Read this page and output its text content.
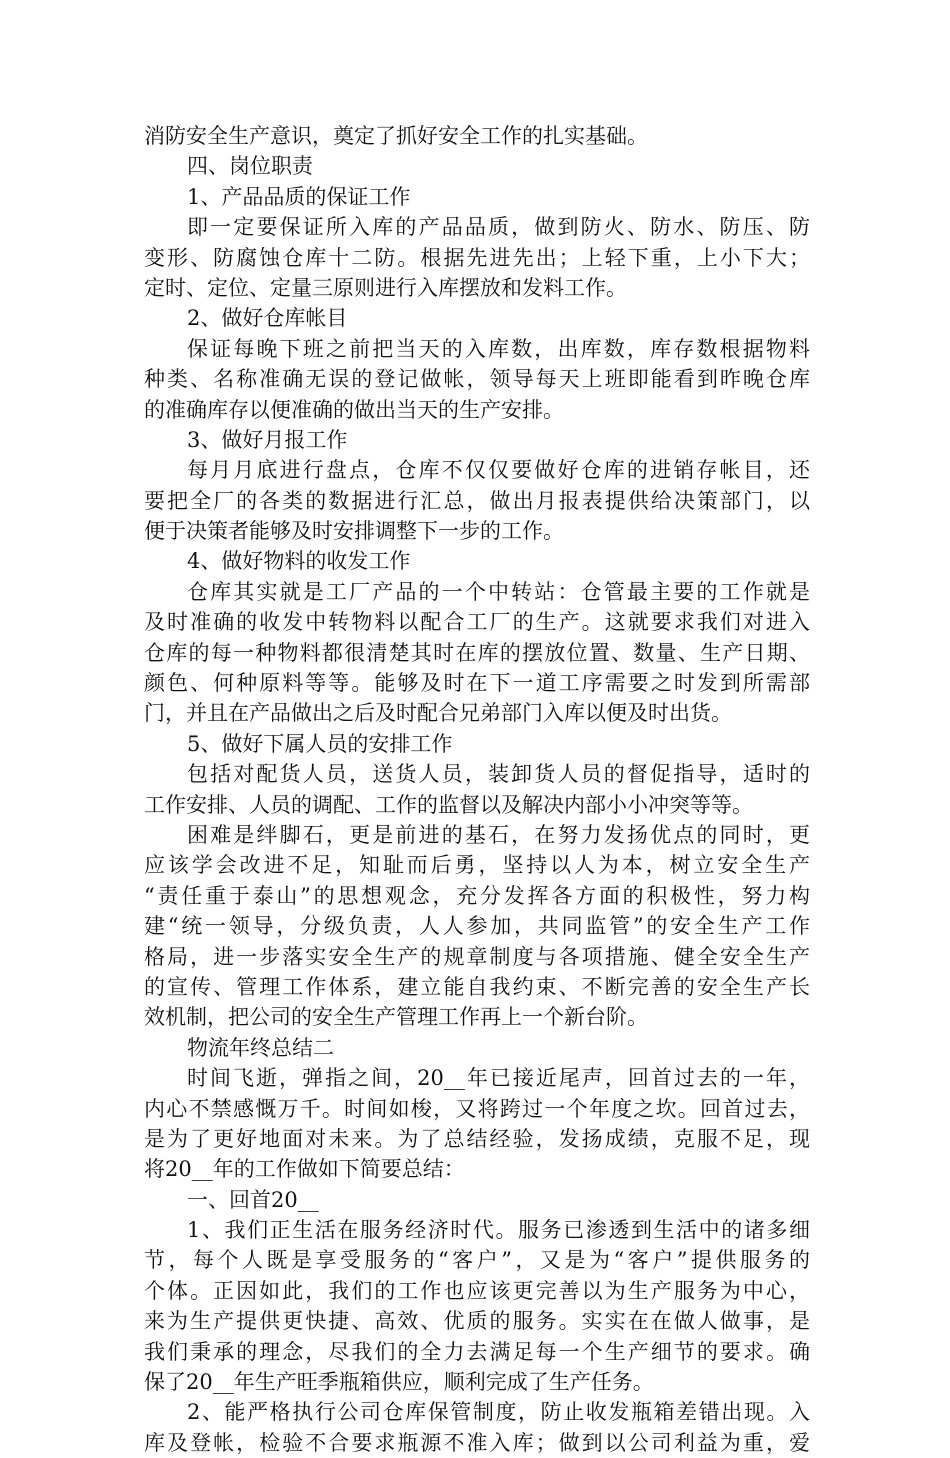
消防安全生产意识，奠定了抓好安全工作的扎实基础。
四、岗位职责
1、产品品质的保证工作
即一定要保证所入库的产品品质，做到防火、防水、防压、防
变形、防腐蚀仓库十二防。根据先进先出；上轻下重，上小下大；
定时、定位、定量三原则进行入库摆放和发料工作。
2、做好仓库帐目
保证每晚下班之前把当天的入库数，出库数，库存数根据物料
种类、名称准确无误的登记做帐，领导每天上班即能看到昨晚仓库
的准确库存以便准确的做出当天的生产安排。
3、做好月报工作
每月月底进行盘点，仓库不仅仅要做好仓库的进销存帐目，还
要把全厂的各类的数据进行汇总，做出月报表提供给决策部门，以
便于决策者能够及时安排调整下一步的工作。
4、做好物料的收发工作
仓库其实就是工厂产品的一个中转站：仓管最主要的工作就是
及时准确的收发中转物料以配合工厂的生产。这就要求我们对进入
仓库的每一种物料都很清楚其时在库的摆放位置、数量、生产日期、
颜色、何种原料等等。能够及时在下一道工序需要之时发到所需部
门，并且在产品做出之后及时配合兄弟部门入库以便及时出货。
5、做好下属人员的安排工作
包括对配货人员，送货人员，装卸货人员的督促指导，适时的
工作安排、人员的调配、工作的监督以及解决内部小小冲突等等。
困难是绊脚石，更是前进的基石，在努力发扬优点的同时，更
应该学会改进不足，知耻而后勇，坚持以人为本，树立安全生产
“责任重于泰山”的思想观念，充分发挥各方面的积极性，努力构
建“统一领导，分级负责，人人参加，共同监管”的安全生产工作
格局，进一步落实安全生产的规章制度与各项措施、健全安全生产
的宣传、管理工作体系，建立能自我约束、不断完善的安全生产长
效机制，把公司的安全生产管理工作再上一个新台阶。
物流年终总结二
时间飞逝，弹指之间，20__年已接近尾声，回首过去的一年，
内心不禁感慨万千。时间如梭，又将跨过一个年度之坎。回首过去，
是为了更好地面对未来。为了总结经验，发扬成绩，克服不足，现
将20__年的工作做如下简要总结：
一、回首20__
1、我们正生活在服务经济时代。服务已渗透到生活中的诸多细
节，每个人既是享受服务的“客户”，又是为“客户”提供服务的
个体。正因如此，我们的工作也应该更完善以为生产服务为中心，
来为生产提供更快捷、高效、优质的服务。实实在在做人做事，是
我们秉承的理念，尽我们的全力去满足每一个生产细节的要求。确
保了20__年生产旺季瓶箱供应，顺利完成了生产任务。
2、能严格执行公司仓库保管制度，防止收发瓶箱差错出现。入
库及登帐，检验不合要求瓶源不准入库；做到以公司利益为重，爱
